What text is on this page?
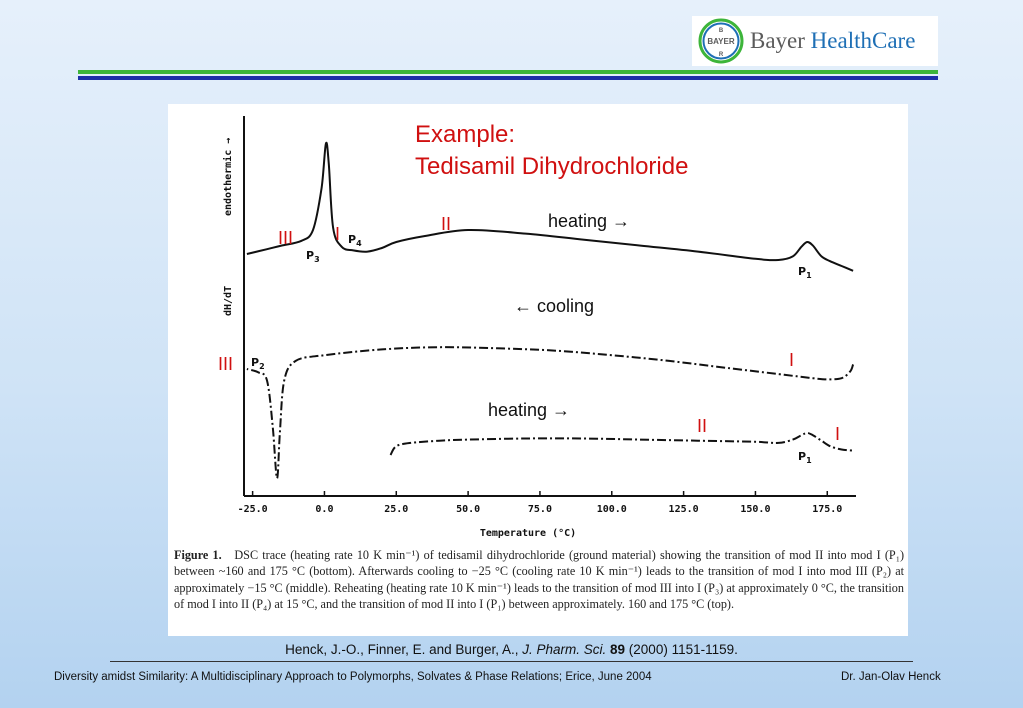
BAYER
B
R
Bayer HealthCare
-25.0	0.0	25.0	50.0	75.0	100.0	125.0	150.0	175.0
Temperature (°C)
endothermic →
dH/dT
Example:
Tedisamil Dihydrochloride
heating →
← cooling
heating →
III I	II
III	I
II	I
$P_3$
$P_4$
$P_1$
$P_2$
$P_1$
Figure 1. DSC trace (heating rate 10 K min⁻¹) of tedisamil dihydrochloride (ground material) showing the transition of mod II into mod I (P₁) between ~160 and 175 °C (bottom). Afterwards cooling to −25 °C (cooling rate 10 K min⁻¹) leads to the transition of mod I into mod III (P₂) at approximately −15 °C (middle). Reheating (heating rate 10 K min⁻¹) leads to the transition of mod III into I (P₃) at approximately 0 °C, the transition of mod I into II (P₄) at 15 °C, and the transition of mod II into I (P₁) between approximately. 160 and 175 °C (top).
Henck, J.-O., Finner, E. and Burger, A., J. Pharm. Sci. 89 (2000) 1151-1159.
Diversity amidst Similarity: A Multidisciplinary Approach to Polymorphs, Solvates & Phase Relations; Erice, June 2004	Dr. Jan-Olav Henck
